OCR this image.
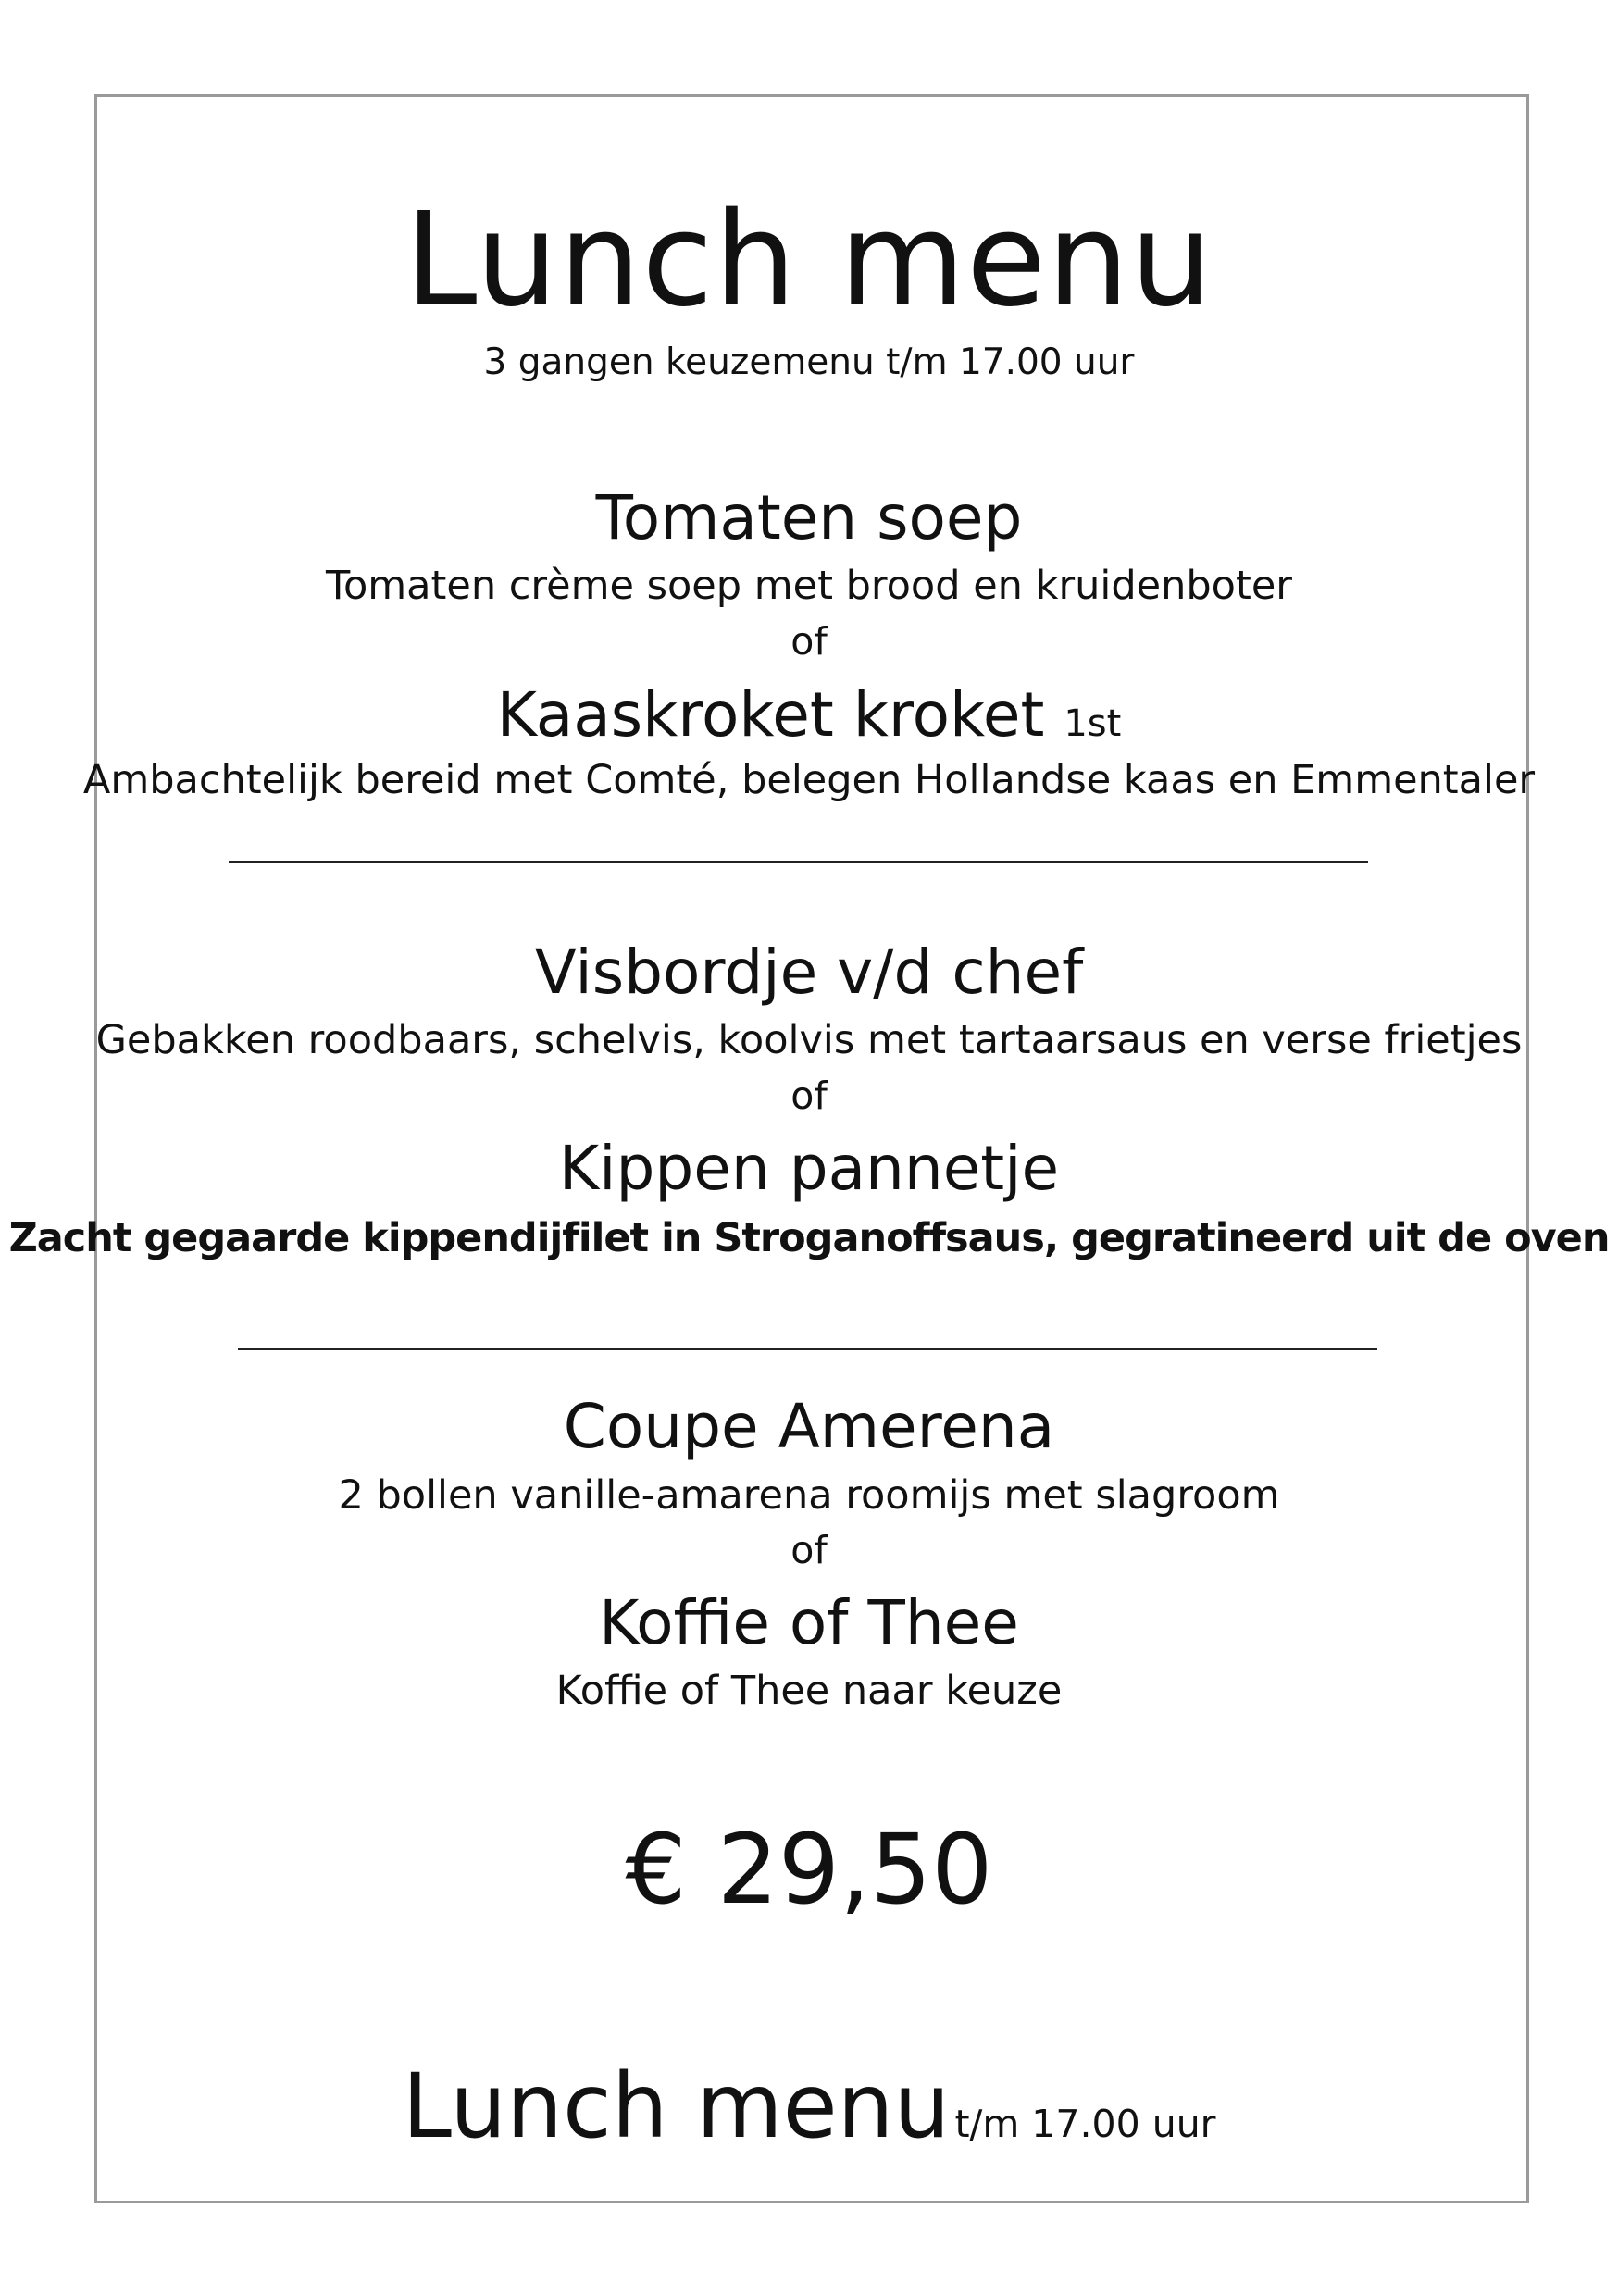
Lunch menu
3 gangen keuzemenu t/m 17.00 uur
Tomaten soep
Tomaten crème soep met brood en kruidenboter
of
Kaaskroket kroket 1st
Ambachtelijk bereid met Comté, belegen Hollandse kaas en Emmentaler
Visbordje v/d chef
Gebakken roodbaars, schelvis, koolvis met tartaarsaus en verse frietjes
of
Kippen pannetje
Zacht gegaarde kippendijfilet in Stroganoffsaus, gegratineerd uit de oven
Coupe Amerena
2 bollen vanille-amarena roomijs met slagroom
of
Koffie of Thee
Koffie of Thee naar keuze
€ 29,50
Lunch menu t/m 17.00 uur
